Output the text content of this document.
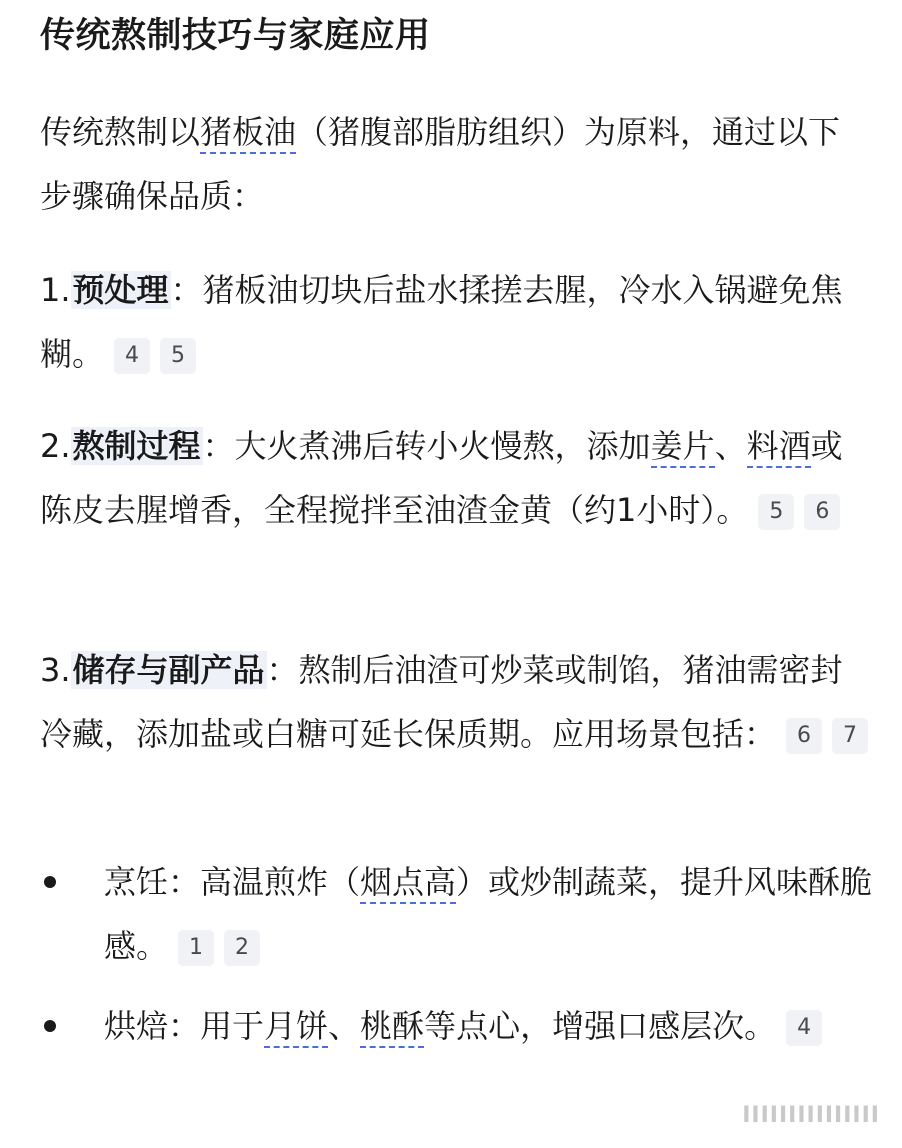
传统熬制技巧与家庭应用
传统熬制以猪板油（猪腹部脂肪组织）为原料，通过以下步骤确保品质：
1.预处理：猪板油切块后盐水揉搓去腥，冷水入锅避免焦糊。 4 5
2.熬制过程：大火煮沸后转小火慢熬，添加姜片、料酒或陈皮去腥增香，全程搅拌至油渣金黄（约1小时）。 5 6
3.储存与副产品：熬制后油渣可炒菜或制馅，猪油需密封冷藏，添加盐或白糖可延长保质期。应用场景包括： 6 7
烹饪：高温煎炸（烟点高）或炒制蔬菜，提升风味酥脆感。 1 2
烘焙：用于月饼、桃酥等点心，增强口感层次。 4
IIIIIIIIIIIIIII
